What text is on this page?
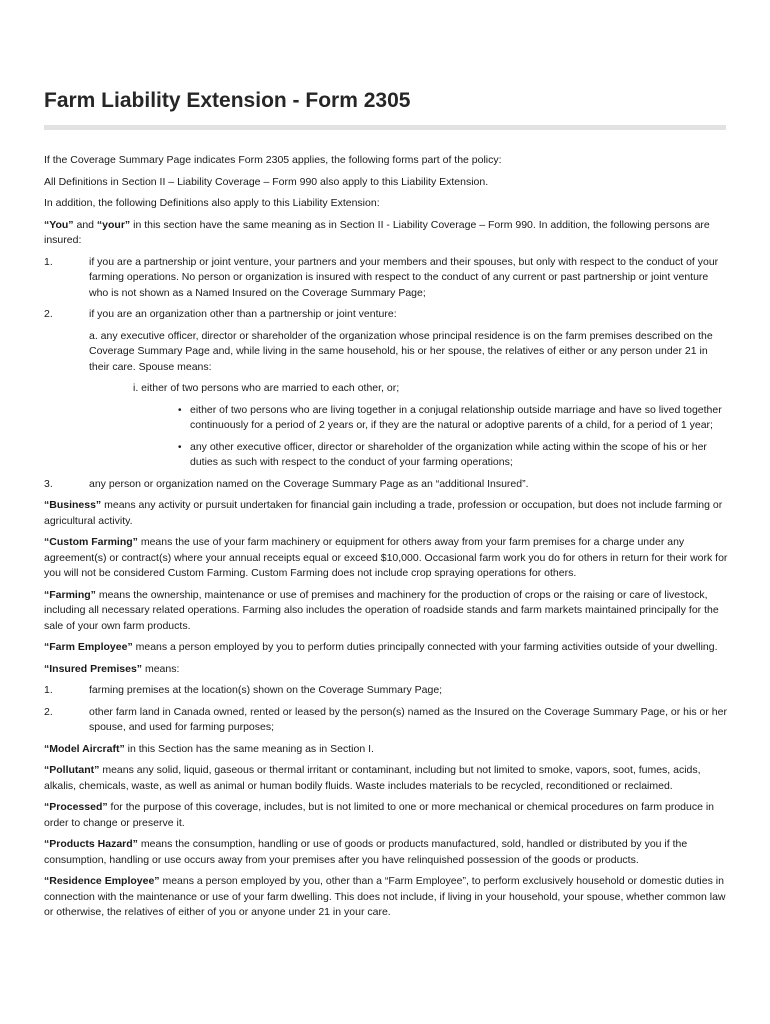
Farm Liability Extension - Form 2305

If the Coverage Summary Page indicates Form 2305 applies, the following forms part of the policy:

All Definitions in Section II – Liability Coverage – Form 990 also apply to this Liability Extension.

In addition, the following Definitions also apply to this Liability Extension:

“You” and “your” in this section have the same meaning as in Section II - Liability Coverage – Form 990. In addition, the following persons are insured:

1.	if you are a partnership or joint venture, your partners and your members and their spouses, but only with respect to the conduct of your farming operations. No person or organization is insured with respect to the conduct of any current or past partnership or joint venture who is not shown as a Named Insured on the Coverage Summary Page;
2.	if you are an organization other than a partnership or joint venture:

a. any executive officer, director or shareholder of the organization whose principal residence is on the farm premises described on the Coverage Summary Page and, while living in the same household, his or her spouse, the relatives of either or any person under 21 in their care. Spouse means:

i. either of two persons who are married to each other, or;

• either of two persons who are living together in a conjugal relationship outside marriage and have so lived together continuously for a period of 2 years or, if they are the natural or adoptive parents of a child, for a period of 1 year;
• any other executive officer, director or shareholder of the organization while acting within the scope of his or her duties as such with respect to the conduct of your farming operations;
3.	any person or organization named on the Coverage Summary Page as an “additional Insured”.

“Business” means any activity or pursuit undertaken for financial gain including a trade, profession or occupation, but does not include farming or agricultural activity.

“Custom Farming” means the use of your farm machinery or equipment for others away from your farm premises for a charge under any agreement(s) or contract(s) where your annual receipts equal or exceed $10,000. Occasional farm work you do for others in return for their work for you will not be considered Custom Farming. Custom Farming does not include crop spraying operations for others.

“Farming” means the ownership, maintenance or use of premises and machinery for the production of crops or the raising or care of livestock, including all necessary related operations. Farming also includes the operation of roadside stands and farm markets maintained principally for the sale of your own farm products.

“Farm Employee” means a person employed by you to perform duties principally connected with your farming activities outside of your dwelling.

“Insured Premises” means:

1.	farming premises at the location(s) shown on the Coverage Summary Page;
2.	other farm land in Canada owned, rented or leased by the person(s) named as the Insured on the Coverage Summary Page, or his or her spouse, and used for farming purposes;

“Model Aircraft” in this Section has the same meaning as in Section I.

“Pollutant” means any solid, liquid, gaseous or thermal irritant or contaminant, including but not limited to smoke, vapors, soot, fumes, acids, alkalis, chemicals, waste, as well as animal or human bodily fluids. Waste includes materials to be recycled, reconditioned or reclaimed.

“Processed” for the purpose of this coverage, includes, but is not limited to one or more mechanical or chemical procedures on farm produce in order to change or preserve it.

“Products Hazard” means the consumption, handling or use of goods or products manufactured, sold, handled or distributed by you if the consumption, handling or use occurs away from your premises after you have relinquished possession of the goods or products.

“Residence Employee” means a person employed by you, other than a “Farm Employee”, to perform exclusively household or domestic duties in connection with the maintenance or use of your farm dwelling. This does not include, if living in your household, your spouse, whether common law or otherwise, the relatives of either of you or anyone under 21 in your care.
